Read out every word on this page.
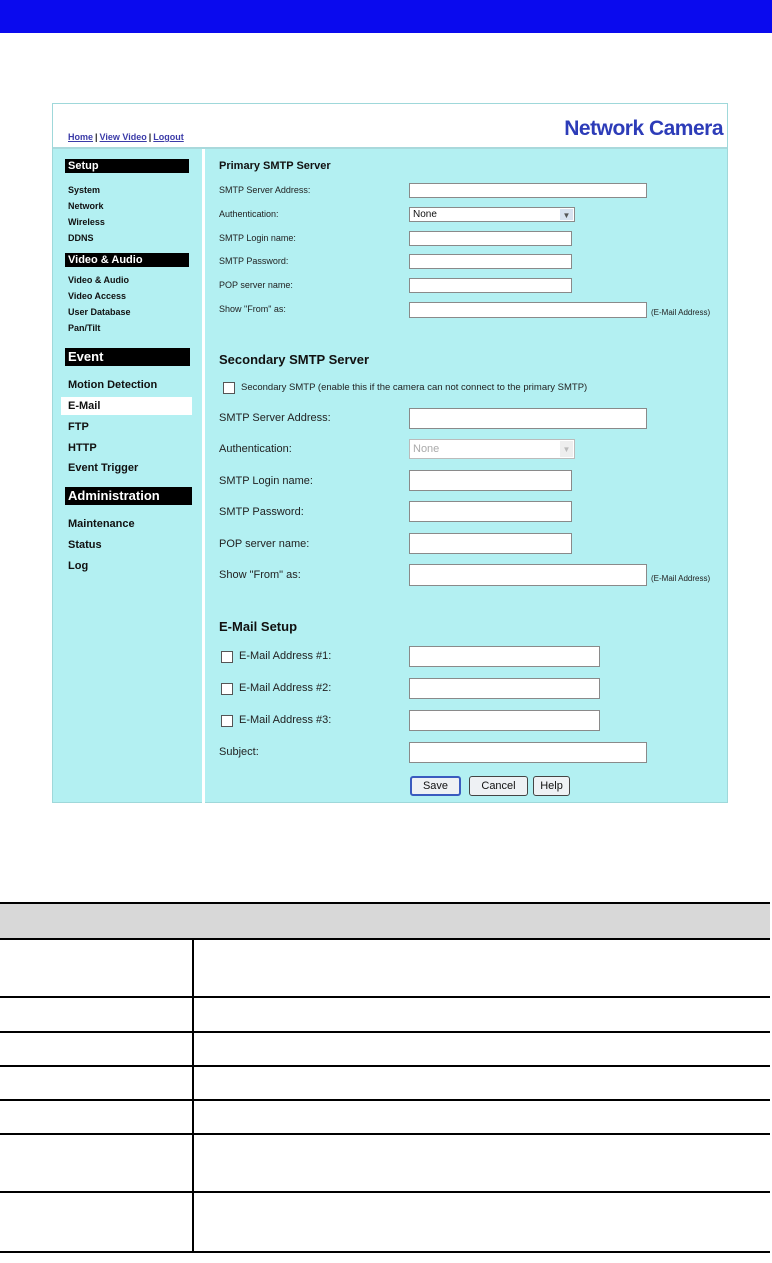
Home | View Video | Logout	Network Camera
Setup
System
Network
Wireless
DDNS
Video & Audio
Video & Audio
Video Access
User Database
Pan/Tilt
Event
Motion Detection
E-Mail
FTP
HTTP
Event Trigger
Administration
Maintenance
Status
Log
Primary SMTP Server
SMTP Server Address:
Authentication:	None	▼
SMTP Login name:
SMTP Password:
POP server name:
Show "From" as:	(E-Mail Address)
Secondary SMTP Server
Secondary SMTP (enable this if the camera can not connect to the primary SMTP)
SMTP Server Address:
Authentication:	None	▼
SMTP Login name:
SMTP Password:
POP server name:
Show "From" as:	(E-Mail Address)
E-Mail Setup
E-Mail Address #1:
E-Mail Address #2:
E-Mail Address #3:
Subject:
Save	Cancel	Help
